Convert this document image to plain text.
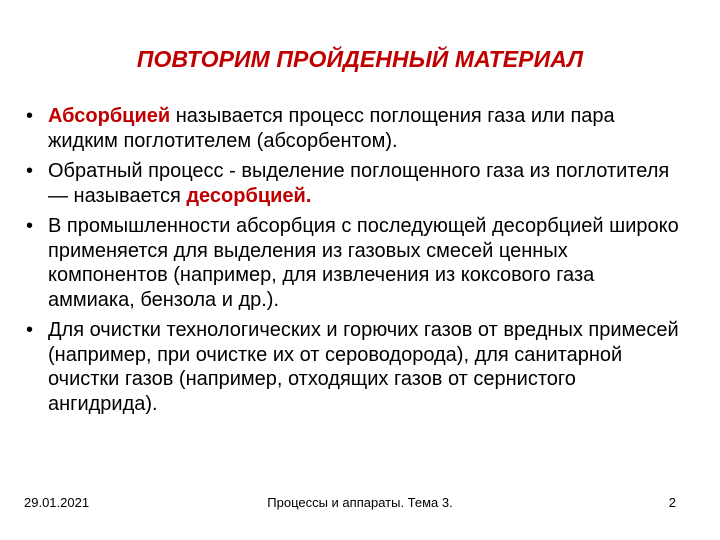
ПОВТОРИМ ПРОЙДЕННЫЙ МАТЕРИАЛ
• Абсорбцией называется процесс поглощения газа или пара жидким поглотителем (абсорбентом).
• Обратный процесс - выделение поглощенного газа из поглотителя — называется десорбцией.
• В промышленности абсорбция с последующей десорбцией широко применяется для выделения из газовых смесей ценных компонентов (например, для извлечения из коксового газа аммиака, бензола и др.).
• Для очистки технологических и горючих газов от вредных примесей (например, при очистке их от сероводорода), для санитарной очистки газов (например, отходящих газов от сернистого ангидрида).
29.01.2021	Процессы и аппараты. Тема 3.	2
